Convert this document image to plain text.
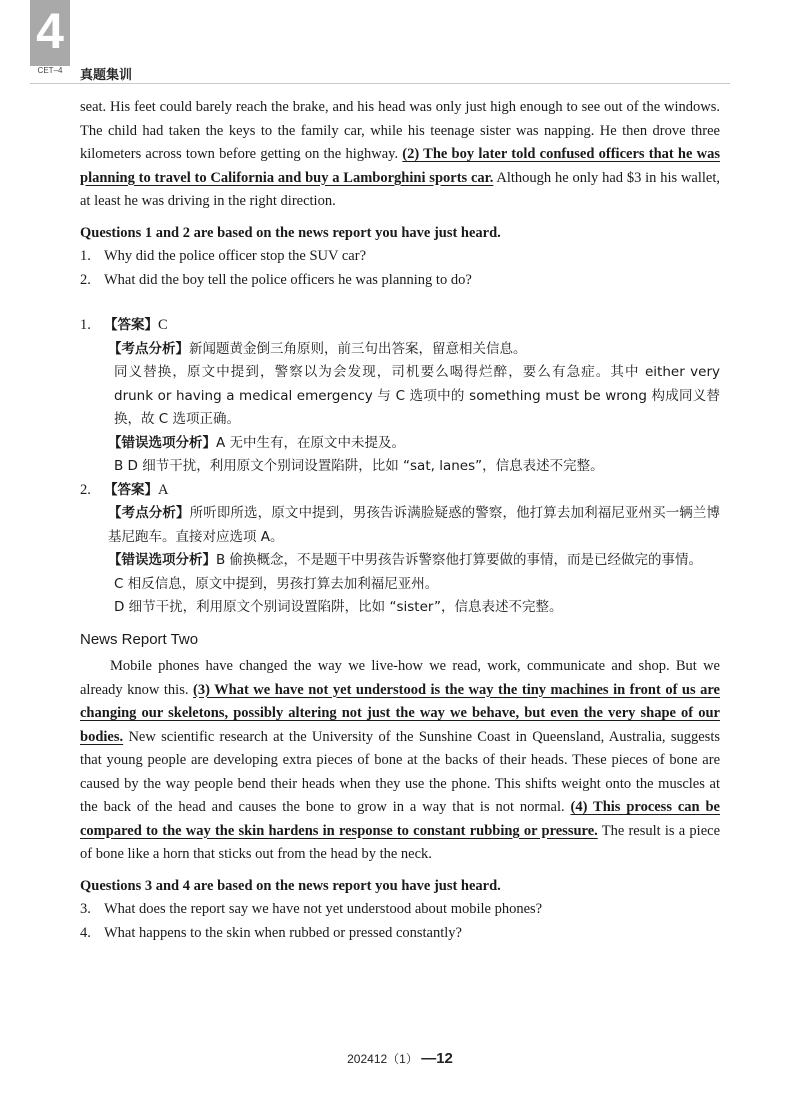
4
CET–4	真题集训

seat. His feet could barely reach the brake, and his head was only just high enough to see out of the windows. The child had taken the keys to the family car, while his teenage sister was napping. He then drove three kilometers across town before getting on the highway. (2) The boy later told confused officers that he was planning to travel to California and buy a Lamborghini sports car. Although he only had $3 in his wallet, at least he was driving in the right direction.

Questions 1 and 2 are based on the news report you have just heard.

1. Why did the police officer stop the SUV car?

2. What did the boy tell the police officers he was planning to do?

1. 【答案】C

【考点分析】新闻题黄金倒三角原则，前三句出答案，留意相关信息。

同义替换，原文中提到，警察以为会发现，司机要么喝得烂醉，要么有急症。其中 either very drunk or having a medical emergency 与 C 选项中的 something must be wrong 构成同义替换，故 C 选项正确。

【错误选项分析】A 无中生有，在原文中未提及。

B D 细节干扰，利用原文个别词设置陷阱，比如 “sat, lanes”，信息表述不完整。

2. 【答案】A

【考点分析】所听即所选，原文中提到，男孩告诉满脸疑惑的警察，他打算去加利福尼亚州买一辆兰博基尼跑车。直接对应选项 A。

【错误选项分析】B 偷换概念，不是题干中男孩告诉警察他打算要做的事情，而是已经做完的事情。

C 相反信息，原文中提到，男孩打算去加利福尼亚州。

D 细节干扰，利用原文个别词设置陷阱，比如 “sister”，信息表述不完整。

News Report Two

Mobile phones have changed the way we live-how we read, work, communicate and shop. But we already know this. (3) What we have not yet understood is the way the tiny machines in front of us are changing our skeletons, possibly altering not just the way we behave, but even the very shape of our bodies. New scientific research at the University of the Sunshine Coast in Queensland, Australia, suggests that young people are developing extra pieces of bone at the backs of their heads. These pieces of bone are caused by the way people bend their heads when they use the phone. This shifts weight onto the muscles at the back of the head and causes the bone to grow in a way that is not normal. (4) This process can be compared to the way the skin hardens in response to constant rubbing or pressure. The result is a piece of bone like a horn that sticks out from the head by the neck.

Questions 3 and 4 are based on the news report you have just heard.

3. What does the report say we have not yet understood about mobile phones?

4. What happens to the skin when rubbed or pressed constantly?

202412（1） —12
